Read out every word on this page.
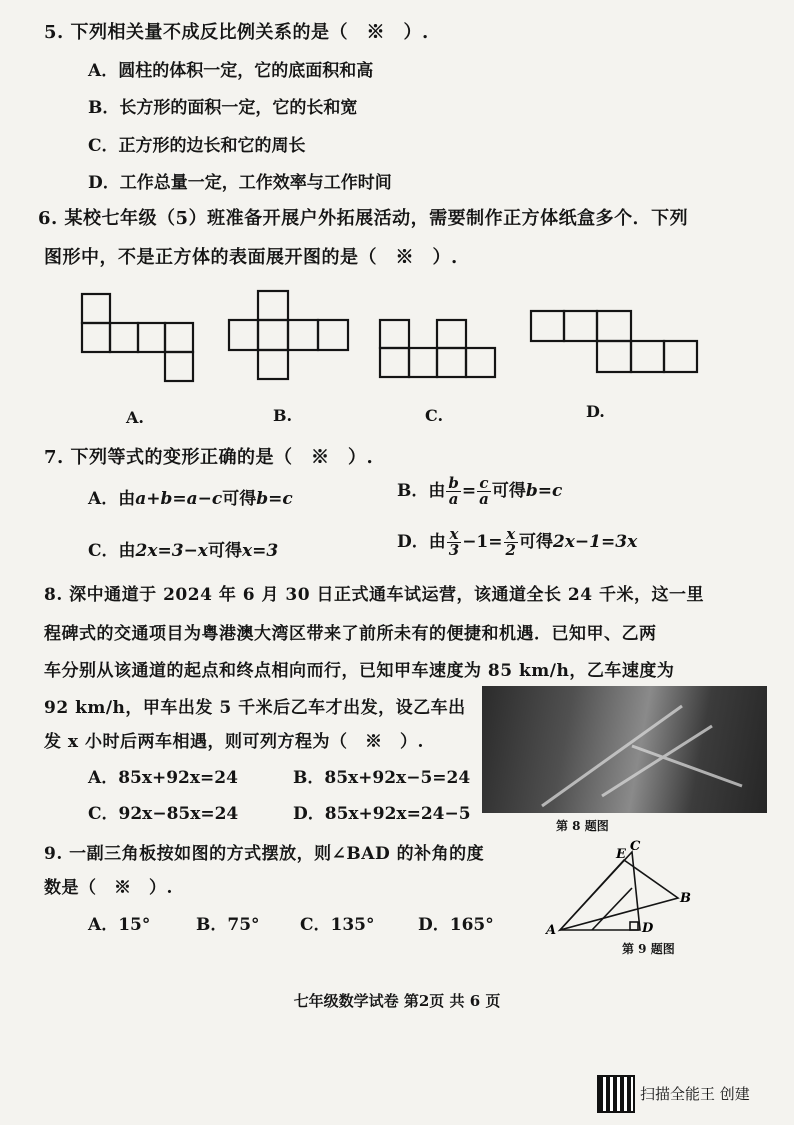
5. 下列相关量不成反比例关系的是（　※　）.
A．圆柱的体积一定，它的底面积和高
B．长方形的面积一定，它的长和宽
C．正方形的边长和它的周长
D．工作总量一定，工作效率与工作时间
6. 某校七年级（5）班准备开展户外拓展活动，需要制作正方体纸盒多个．下列
图形中，不是正方体的表面展开图的是（　※　）.
A.	B.	C.	D.
7. 下列等式的变形正确的是（　※　）.
A．由a+b=a−c可得b=c	B．由 $\frac{b}{a} = \frac{c}{a}$ 可得b=c
C．由2x=3−x可得x=3	D．由 $\frac{x}{3} -1= \frac{x}{2}$ 可得2x−1=3x
8. 深中通道于 2024 年 6 月 30 日正式通车试运营，该通道全长 24 千米，这一里
程碑式的交通项目为粤港澳大湾区带来了前所未有的便捷和机遇．已知甲、乙两
车分别从该通道的起点和终点相向而行，已知甲车速度为 85 km/h，乙车速度为
92 km/h，甲车出发 5 千米后乙车才出发，设乙车出
发 x 小时后两车相遇，则可列方程为（　※　）.
第 8 题图
A．85x+92x=24	B．85x+92x−5=24
C．92x−85x=24	D．85x+92x=24−5
9. 一副三角板按如图的方式摆放，则∠BAD 的补角的度
数是（　※　）.
A．15°	B．75° C．135°	D．165°	A
B
C
D
E
第 9 题图
七年级数学试卷 第2页 共 6 页
扫描全能王 创建
